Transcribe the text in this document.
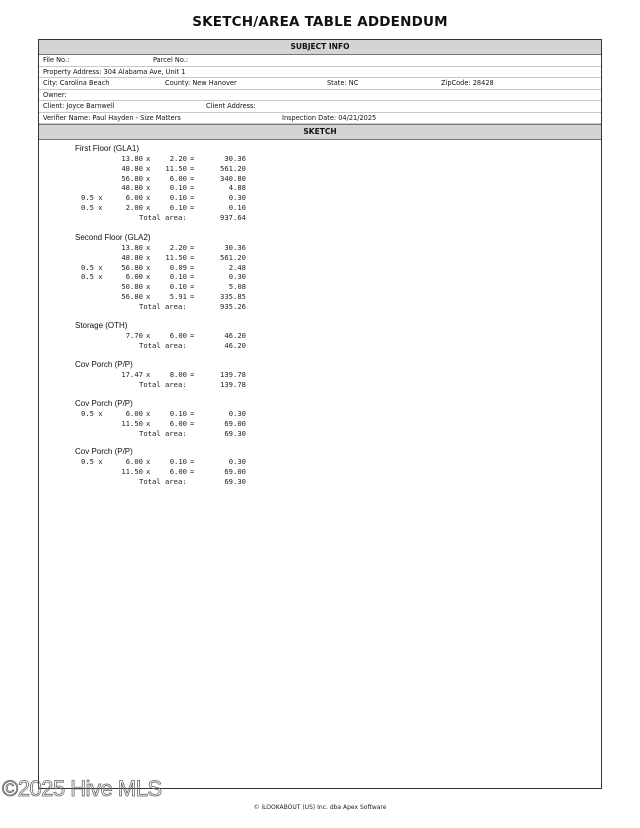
SKETCH/AREA TABLE ADDENDUM
SUBJECT INFO
File No.:	Parcel No.:
Property Address: 304 Alabama Ave, Unit 1
City: Carolina Beach	County: New Hanover	State: NC	ZipCode: 28428
Owner:
Client: Joyce Barnwell	Client Address:
Verifier Name: Paul Hayden - Size Matters	Inspection Date: 04/21/2025
SKETCH
First Floor (GLA1)
13.80 x	2.20 =	30.36
48.80 x	11.50 =	561.20
56.80 x	6.00 =	340.80
48.80 x	0.10 =	4.88
0.5 x	6.00 x	0.10 =	0.30
0.5 x	2.00 x	0.10 =	0.10
Total area:	937.64
Second Floor (GLA2)
13.80 x	2.20 =	30.36
48.80 x	11.50 =	561.20
0.5 x	56.80 x	0.09 =	2.48
0.5 x	6.00 x	0.10 =	0.30
50.80 x	0.10 =	5.08
56.80 x	5.91 =	335.85
Total area:	935.26
Storage (OTH)
7.70 x	6.00 =	46.20
Total area:	46.20
Cov Porch (P/P)
17.47 x	8.00 =	139.78
Total area:	139.78
Cov Porch (P/P)
0.5 x	6.00 x	0.10 =	0.30
11.50 x	6.00 =	69.00
Total area:	69.30
Cov Porch (P/P)
0.5 x	6.00 x	0.10 =	0.30
11.50 x	6.00 =	69.00
Total area:	69.30
© iLOOKABOUT (US) Inc. dba Apex Software
©2025 Hive MLS
